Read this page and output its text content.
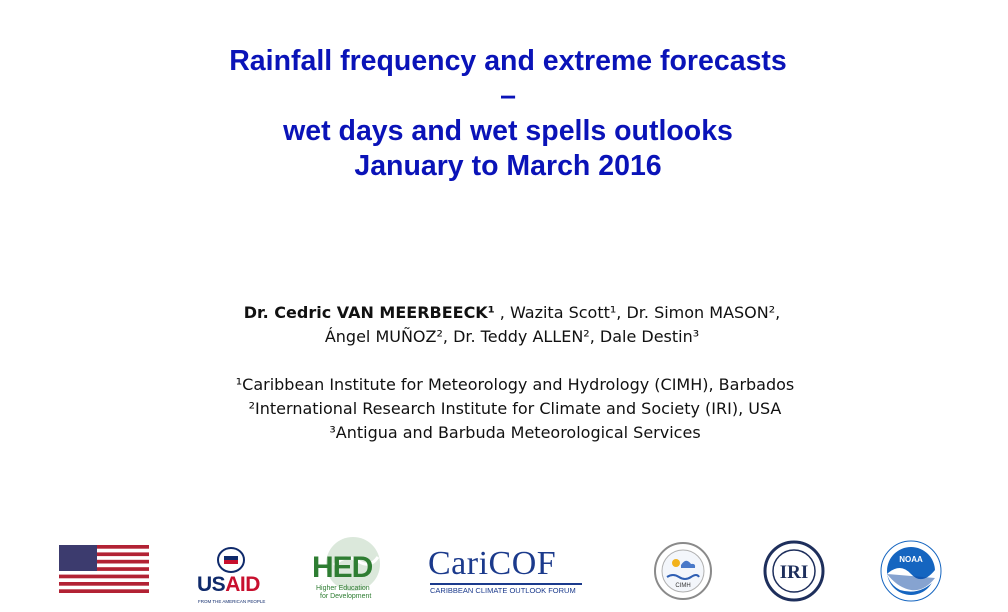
Rainfall frequency and extreme forecasts
–
wet days and wet spells outlooks
January to March 2016
Dr. Cedric VAN MEERBEECK¹ , Wazita Scott¹, Dr. Simon MASON²,
Ángel MUÑOZ², Dr. Teddy ALLEN², Dale Destin³
¹Caribbean Institute for Meteorology and Hydrology (CIMH), Barbados
²International Research Institute for Climate and Society (IRI), USA
³Antigua and Barbuda Meteorological Services
USAID
FROM THE AMERICAN PEOPLE
HED
Higher Education
for Development
CariCOF
CARIBBEAN CLIMATE OUTLOOK FORUM	CIMH
IRI
NOAA
